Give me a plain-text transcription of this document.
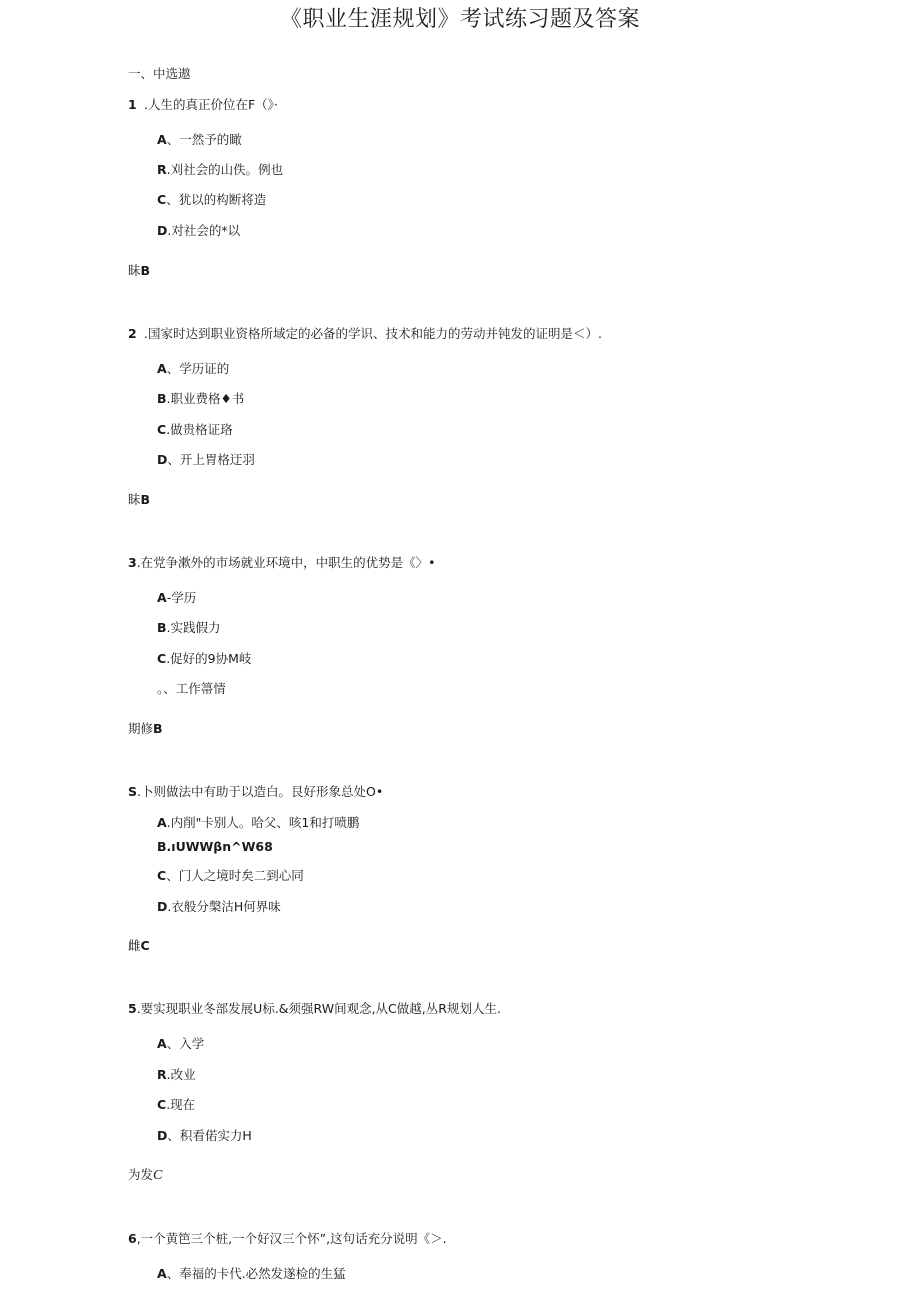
《职业生涯规划》考试练习题及答案
一、中选遨
1 .人生的真正价位在F（》·
A、一然予的瞰
R.刈社会的山佚。例也
C、犹以的构断将造
D.对社会的*以
眛B
2 .国家时达到职业资格所域定的必备的学识、技术和能力的劳动并钝发的证明是＜）.
A、学历证的
B.职业费格♦书
C.做贵格证珞
D、开上胃格迂羽
眛B
3.在党争漱外的市场就业环境中，中职生的优势是《〉•
A-学历
B.实践假力
C.促好的9协M岐
。、工作箒情
期修B
S.卜则做法中有助于以造白。艮好形象总处O•
A.内削"卡别人。哈父、咳1和打喷鹏
B.ıUWWβn^W68
C、门人之境时矣二到心同
D.衣般分槃沽H何界味
雌C
5.要实现职业冬部发展U标.&须强RW间观念,从C做越,丛R规划人生.
A、入学
R.改业
C.现在
D、积看偌实力H
为发C
6,一个黄笆三个桩,一个好汉三个怀”,这句话充分说明《＞.
A、奉福的卡代.必然发遂检的生猛
